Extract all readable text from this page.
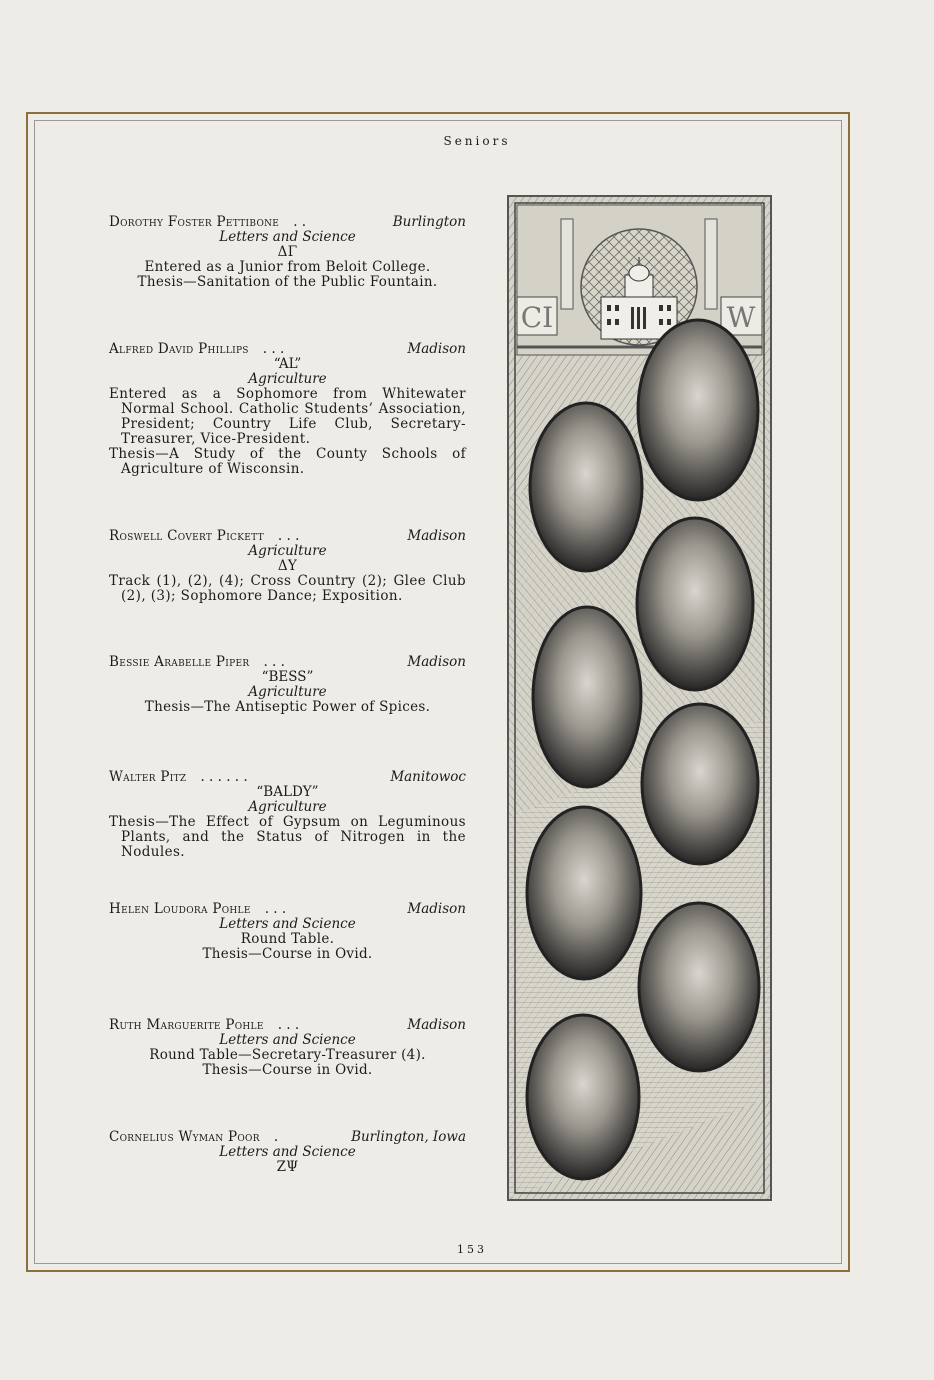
Seniors
Dorothy Foster Pettibone . .	Burlington
Letters and Science
ΔΓ
Entered as a Junior from Beloit College.
Thesis—Sanitation of the Public Fountain.
Alfred David Phillips . . .	Madison
“AL”
Agriculture
Entered as a Sophomore from Whitewater Normal School. Catholic Students’ Association, President; Country Life Club, Secretary-Treasurer, Vice-President.
Thesis—A Study of the County Schools of Agriculture of Wisconsin.
Roswell Covert Pickett . . .	Madison
Agriculture
ΔΥ
Track (1), (2), (4); Cross Country (2); Glee Club (2), (3); Sophomore Dance; Exposition.
Bessie Arabelle Piper . . .	Madison
“BESS”
Agriculture
Thesis—The Antiseptic Power of Spices.
Walter Pitz . . . . . .	Manitowoc
“BALDY”
Agriculture
Thesis—The Effect of Gypsum on Leguminous Plants, and the Status of Nitrogen in the Nodules.
Helen Loudora Pohle . . .	Madison
Letters and Science
Round Table.
Thesis—Course in Ovid.
Ruth Marguerite Pohle . . .	Madison
Letters and Science
Round Table—Secretary-Treasurer (4).
Thesis—Course in Ovid.
Cornelius Wyman Poor .	Burlington, Iowa
Letters and Science
ΖΨ
CI	W
153
